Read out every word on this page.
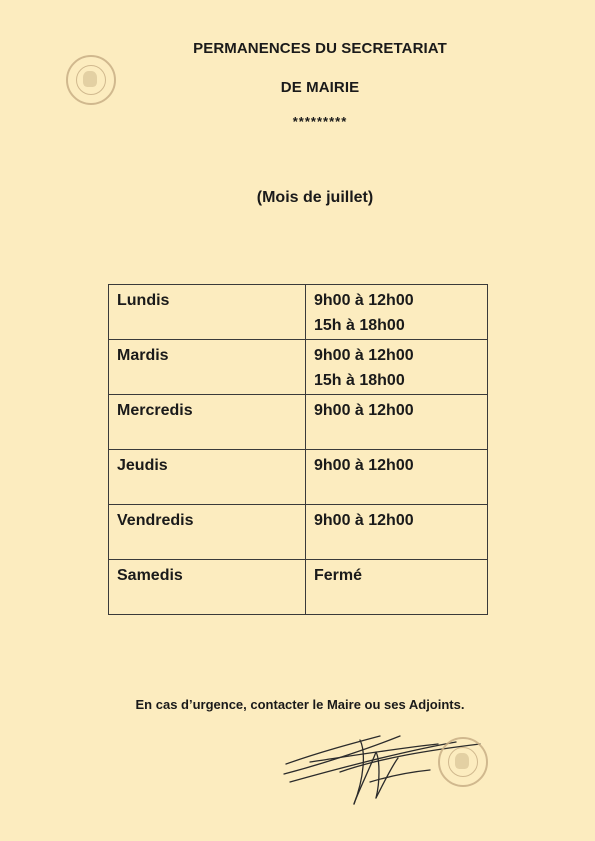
PERMANENCES DU SECRETARIAT
DE MAIRIE
*********
(Mois de juillet)
Lundis	9h00 à 12h00
15h à 18h00

Mardis	9h00 à 12h00
15h à 18h00

Mercredis	9h00 à 12h00

Jeudis	9h00 à 12h00

Vendredis	9h00 à 12h00

Samedis	Fermé
En cas d’urgence, contacter le Maire ou ses Adjoints.
